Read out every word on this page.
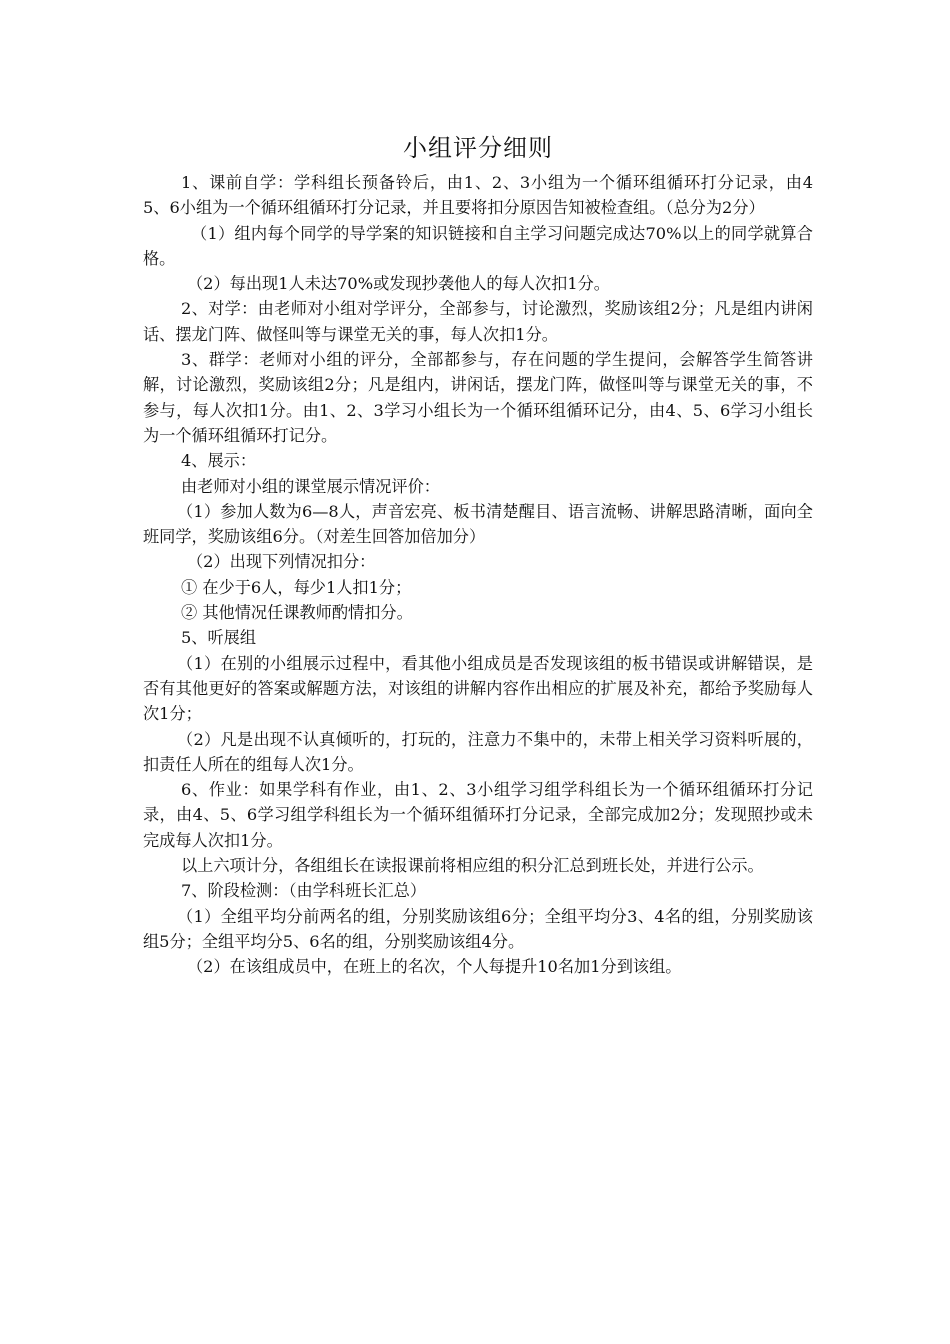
小组评分细则

1、课前自学：学科组长预备铃后，由1、2、3小组为一个循环组循环打分记录，由4 5、6小组为一个循环组循环打分记录，并且要将扣分原因告知被检查组。（总分为2分）

（1）组内每个同学的导学案的知识链接和自主学习问题完成达70%以上的同学就算合格。

（2）每出现1人未达70%或发现抄袭他人的每人次扣1分。

2、对学：由老师对小组对学评分，全部参与，讨论激烈，奖励该组2分；凡是组内讲闲话、摆龙门阵、做怪叫等与课堂无关的事，每人次扣1分。

3、群学：老师对小组的评分，全部都参与，存在问题的学生提问，会解答学生简答讲解，讨论激烈，奖励该组2分；凡是组内，讲闲话，摆龙门阵，做怪叫等与课堂无关的事，不参与，每人次扣1分。由1、2、3学习小组长为一个循环组循环记分，由4、5、6学习小组长为一个循环组循环打记分。

4、展示：

由老师对小组的课堂展示情况评价：

（1）参加人数为6—8人，声音宏亮、板书清楚醒目、语言流畅、讲解思路清晰，面向全班同学，奖励该组6分。（对差生回答加倍加分）

（2）出现下列情况扣分：

① 在少于6人，每少1人扣1分；

② 其他情况任课教师酌情扣分。

5、听展组

（1）在别的小组展示过程中，看其他小组成员是否发现该组的板书错误或讲解错误，是否有其他更好的答案或解题方法，对该组的讲解内容作出相应的扩展及补充，都给予奖励每人次1分；

（2）凡是出现不认真倾听的，打玩的，注意力不集中的，未带上相关学习资料听展的，扣责任人所在的组每人次1分。

6、作业：如果学科有作业，由1、2、3小组学习组学科组长为一个循环组循环打分记录，由4、5、6学习组学科组长为一个循环组循环打分记录，全部完成加2分；发现照抄或未完成每人次扣1分。

以上六项计分，各组组长在读报课前将相应组的积分汇总到班长处，并进行公示。

7、阶段检测：（由学科班长汇总）

（1）全组平均分前两名的组，分别奖励该组6分；全组平均分3、4名的组，分别奖励该组5分；全组平均分5、6名的组，分别奖励该组4分。

（2）在该组成员中，在班上的名次，个人每提升10名加1分到该组。
